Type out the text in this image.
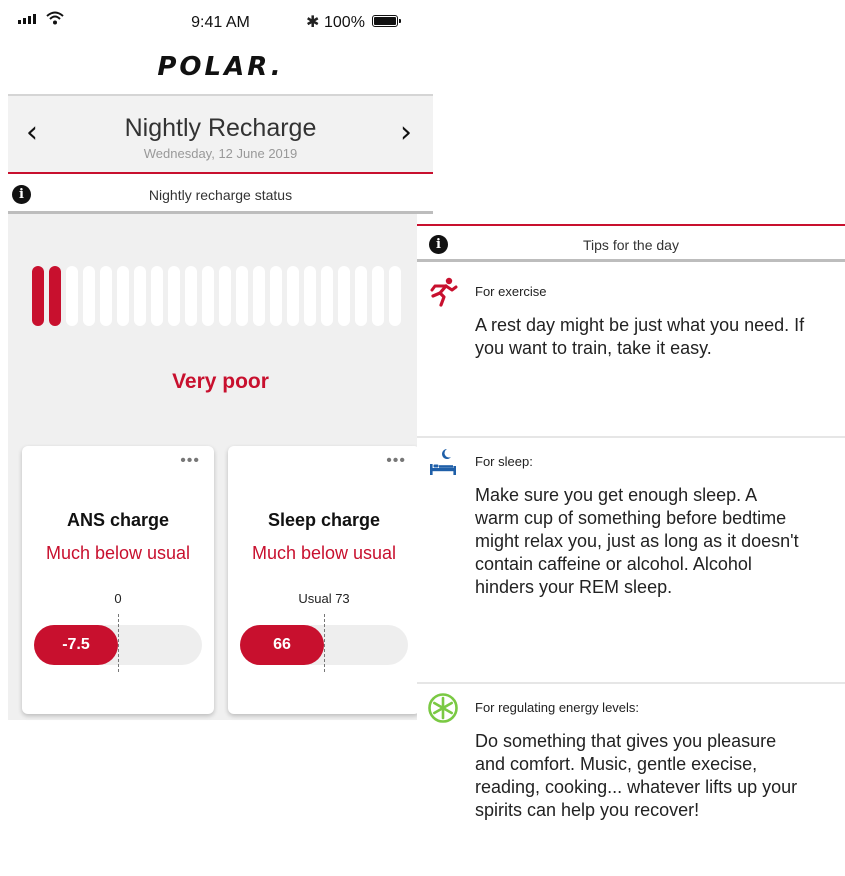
9:41 AM	✱ 100%
POLAR.
‹	Nightly Recharge
Wednesday, 12 June 2019
›
i	Nightly recharge status
Very poor
•••
ANS charge
Much below usual
0
-7.5
•••
Sleep charge
Much below usual
Usual 73
66
i	Tips for the day
For exercise
A rest day might be just what you need. If you want to train, take it easy.
For sleep:
Make sure you get enough sleep. A warm cup of something before bedtime might relax you, just as long as it doesn't contain caffeine or alcohol. Alcohol hinders your REM sleep.
For regulating energy levels:
Do something that gives you pleasure and comfort. Music, gentle execise, reading, cooking... whatever lifts up your spirits can help you recover!
